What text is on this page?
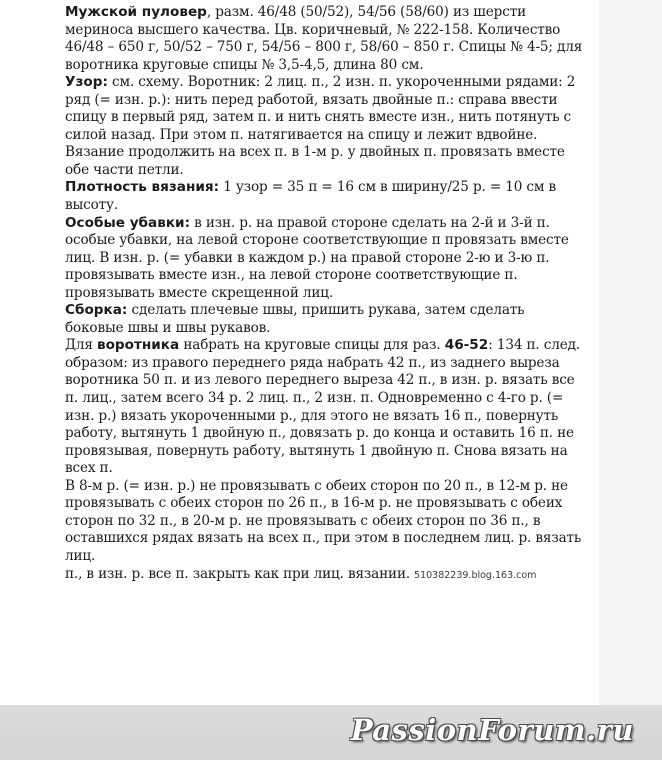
Мужской пуловер, разм. 46/48 (50/52), 54/56 (58/60) из шерсти мериноса высшего качества. Цв. коричневый, № 222-158. Количество 46/48 – 650 г, 50/52 – 750 г, 54/56 – 800 г, 58/60 – 850 г. Спицы № 4-5; для воротника круговые спицы № 3,5-4,5, длина 80 см.

Узор: см. схему. Воротник: 2 лиц. п., 2 изн. п. укороченными рядами: 2 ряд (= изн. р.): нить перед работой, вязать двойные п.: справа ввести спицу в первый ряд, затем п. и нить снять вместе изн., нить потянуть с силой назад. При этом п. натягивается на спицу и лежит вдвойне. Вязание продолжить на всех п. в 1-м р. у двойных п. провязать вместе обе части петли.

Плотность вязания: 1 узор = 35 п = 16 см в ширину/25 р. = 10 см в высоту.

Особые убавки: в изн. р. на правой стороне сделать на 2-й и 3-й п. особые убавки, на левой стороне соответствующие п провязать вместе лиц. В изн. р. (= убавки в каждом р.) на правой стороне 2-ю и 3-ю п. провязывать вместе изн., на левой стороне соответствующие п. провязывать вместе скрещенной лиц.

Сборка: сделать плечевые швы, пришить рукава, затем сделать боковые швы и швы рукавов.

Для воротника набрать на круговые спицы для раз. 46-52: 134 п. след. образом: из правого переднего ряда набрать 42 п., из заднего выреза воротника 50 п. и из левого переднего выреза 42 п., в изн. р. вязать все п. лиц., затем всего 34 р. 2 лиц. п., 2 изн. п. Одновременно с 4-го р. (= изн. р.) вязать укороченными р., для этого не вязать 16 п., повернуть работу, вытянуть 1 двойную п., довязать р. до конца и оставить 16 п. не провязывая, повернуть работу, вытянуть 1 двойную п. Снова вязать на всех п.

В 8-м р. (= изн. р.) не провязывать с обеих сторон по 20 п., в 12-м р. не провязывать с обеих сторон по 26 п., в 16-м р. не провязывать с обеих сторон по 32 п., в 20-м р. не провязывать с обеих сторон по 36 п., в оставшихся рядах вязать на всех п., при этом в последнем лиц. р. вязать лиц.

п., в изн. р. все п. закрыть как при лиц. вязании. 510382239.blog.163.com

PassionForum.ru
